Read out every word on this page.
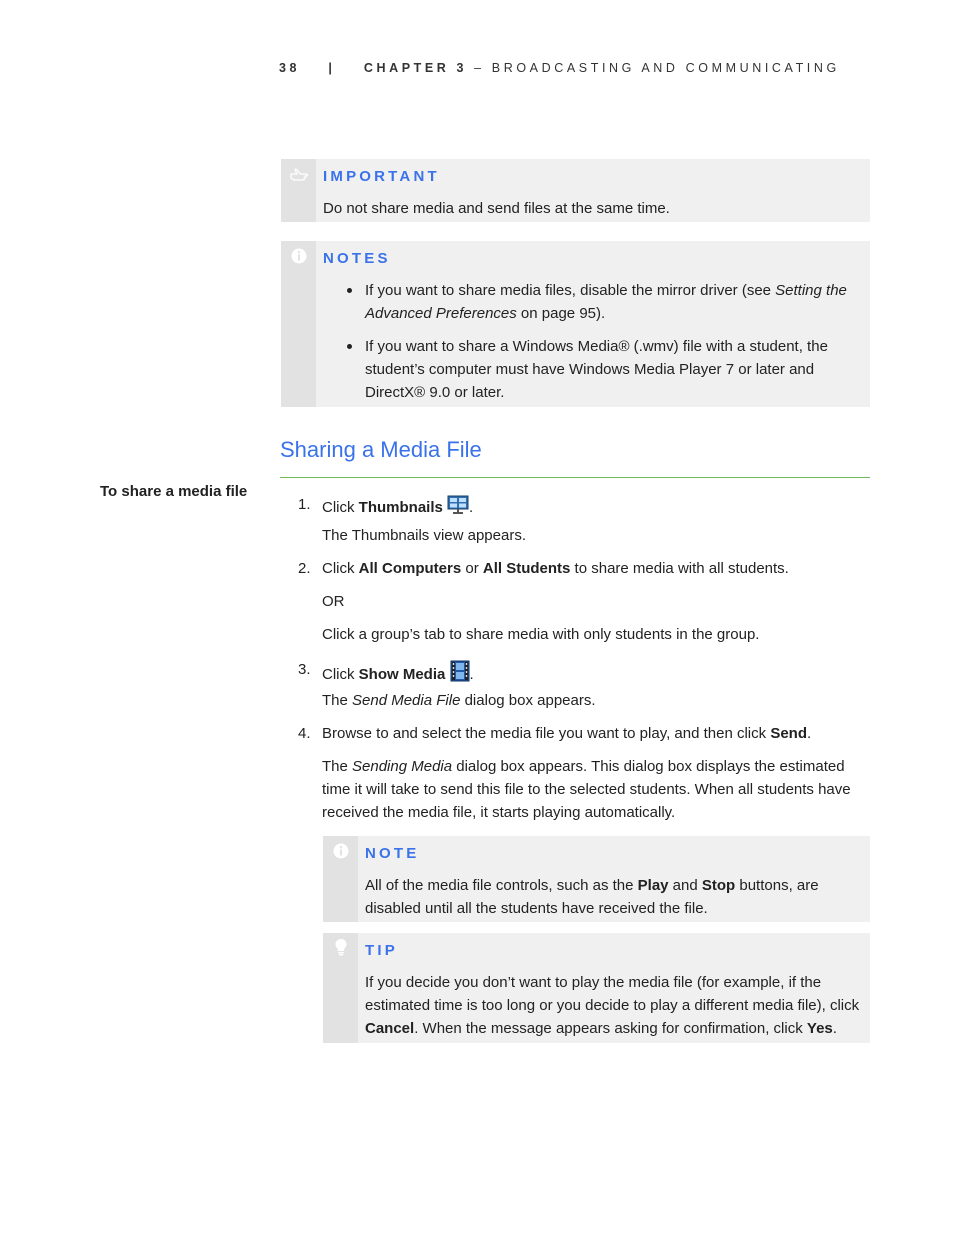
38 | CHAPTER 3 – BROADCASTING AND COMMUNICATING
IMPORTANT
Do not share media and send files at the same time.
NOTES
If you want to share media files, disable the mirror driver (see Setting the Advanced Preferences on page 95).
If you want to share a Windows Media® (.wmv) file with a student, the student’s computer must have Windows Media Player 7 or later and DirectX® 9.0 or later.
Sharing a Media File
To share a media file
1. Click Thumbnails .
The Thumbnails view appears.
2. Click All Computers or All Students to share media with all students.
OR
Click a group’s tab to share media with only students in the group.
3. Click Show Media .
The Send Media File dialog box appears.
4. Browse to and select the media file you want to play, and then click Send.
The Sending Media dialog box appears. This dialog box displays the estimated time it will take to send this file to the selected students. When all students have received the media file, it starts playing automatically.
NOTE
All of the media file controls, such as the Play and Stop buttons, are disabled until all the students have received the file.
TIP
If you decide you don’t want to play the media file (for example, if the estimated time is too long or you decide to play a different media file), click Cancel. When the message appears asking for confirmation, click Yes.
